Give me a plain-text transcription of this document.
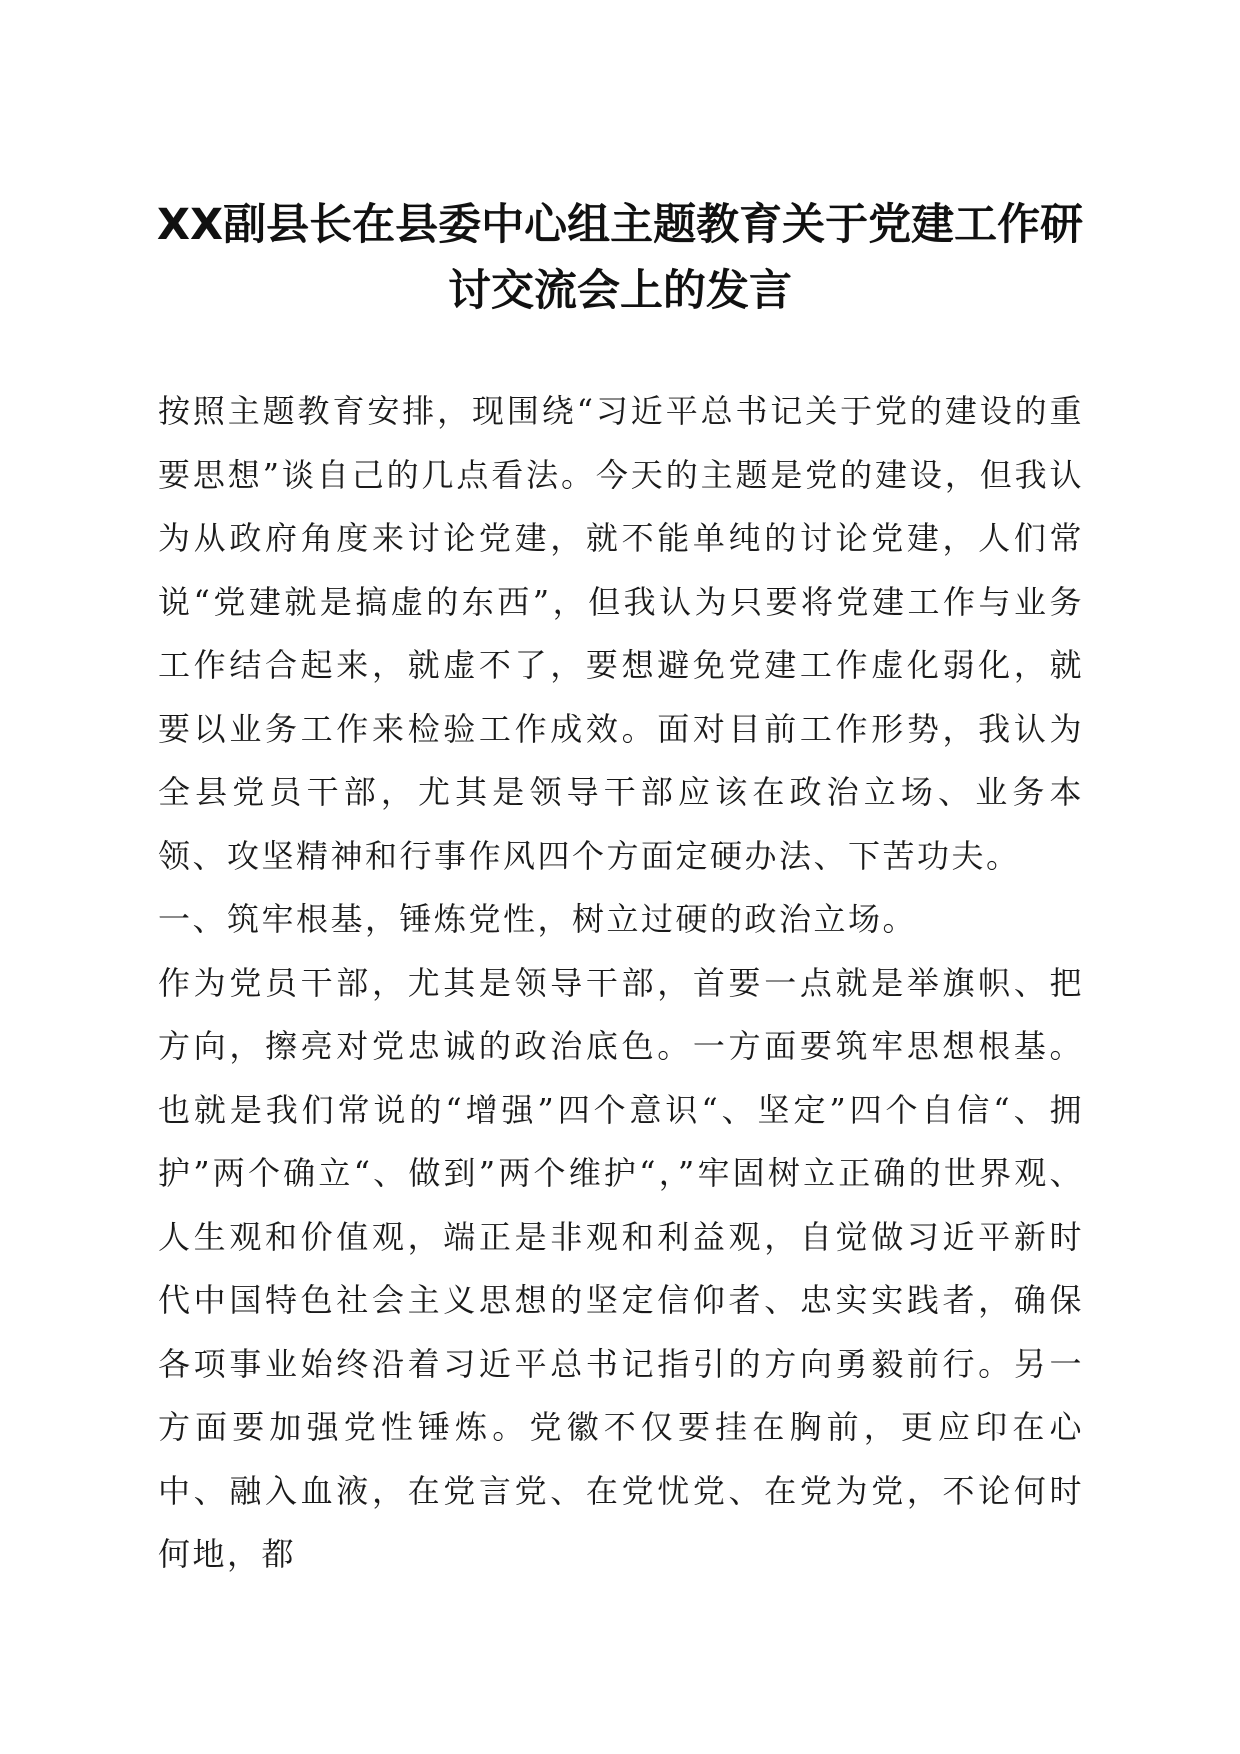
XX副县长在县委中心组主题教育关于党建工作研讨交流会上的发言

按照主题教育安排，现围绕“习近平总书记关于党的建设的重要思想”谈自己的几点看法。今天的主题是党的建设，但我认为从政府角度来讨论党建，就不能单纯的讨论党建，人们常说“党建就是搞虚的东西”，但我认为只要将党建工作与业务工作结合起来，就虚不了，要想避免党建工作虚化弱化，就要以业务工作来检验工作成效。面对目前工作形势，我认为全县党员干部，尤其是领导干部应该在政治立场、业务本领、攻坚精神和行事作风四个方面定硬办法、下苦功夫。

一、筑牢根基，锤炼党性，树立过硬的政治立场。

作为党员干部，尤其是领导干部，首要一点就是举旗帜、把方向，擦亮对党忠诚的政治底色。一方面要筑牢思想根基。也就是我们常说的“增强”四个意识“、坚定”四个自信“、拥护”两个确立“、做到”两个维护“，”牢固树立正确的世界观、人生观和价值观，端正是非观和利益观，自觉做习近平新时代中国特色社会主义思想的坚定信仰者、忠实实践者，确保各项事业始终沿着习近平总书记指引的方向勇毅前行。另一方面要加强党性锤炼。党徽不仅要挂在胸前，更应印在心中、融入血液，在党言党、在党忧党、在党为党，不论何时何地，都
